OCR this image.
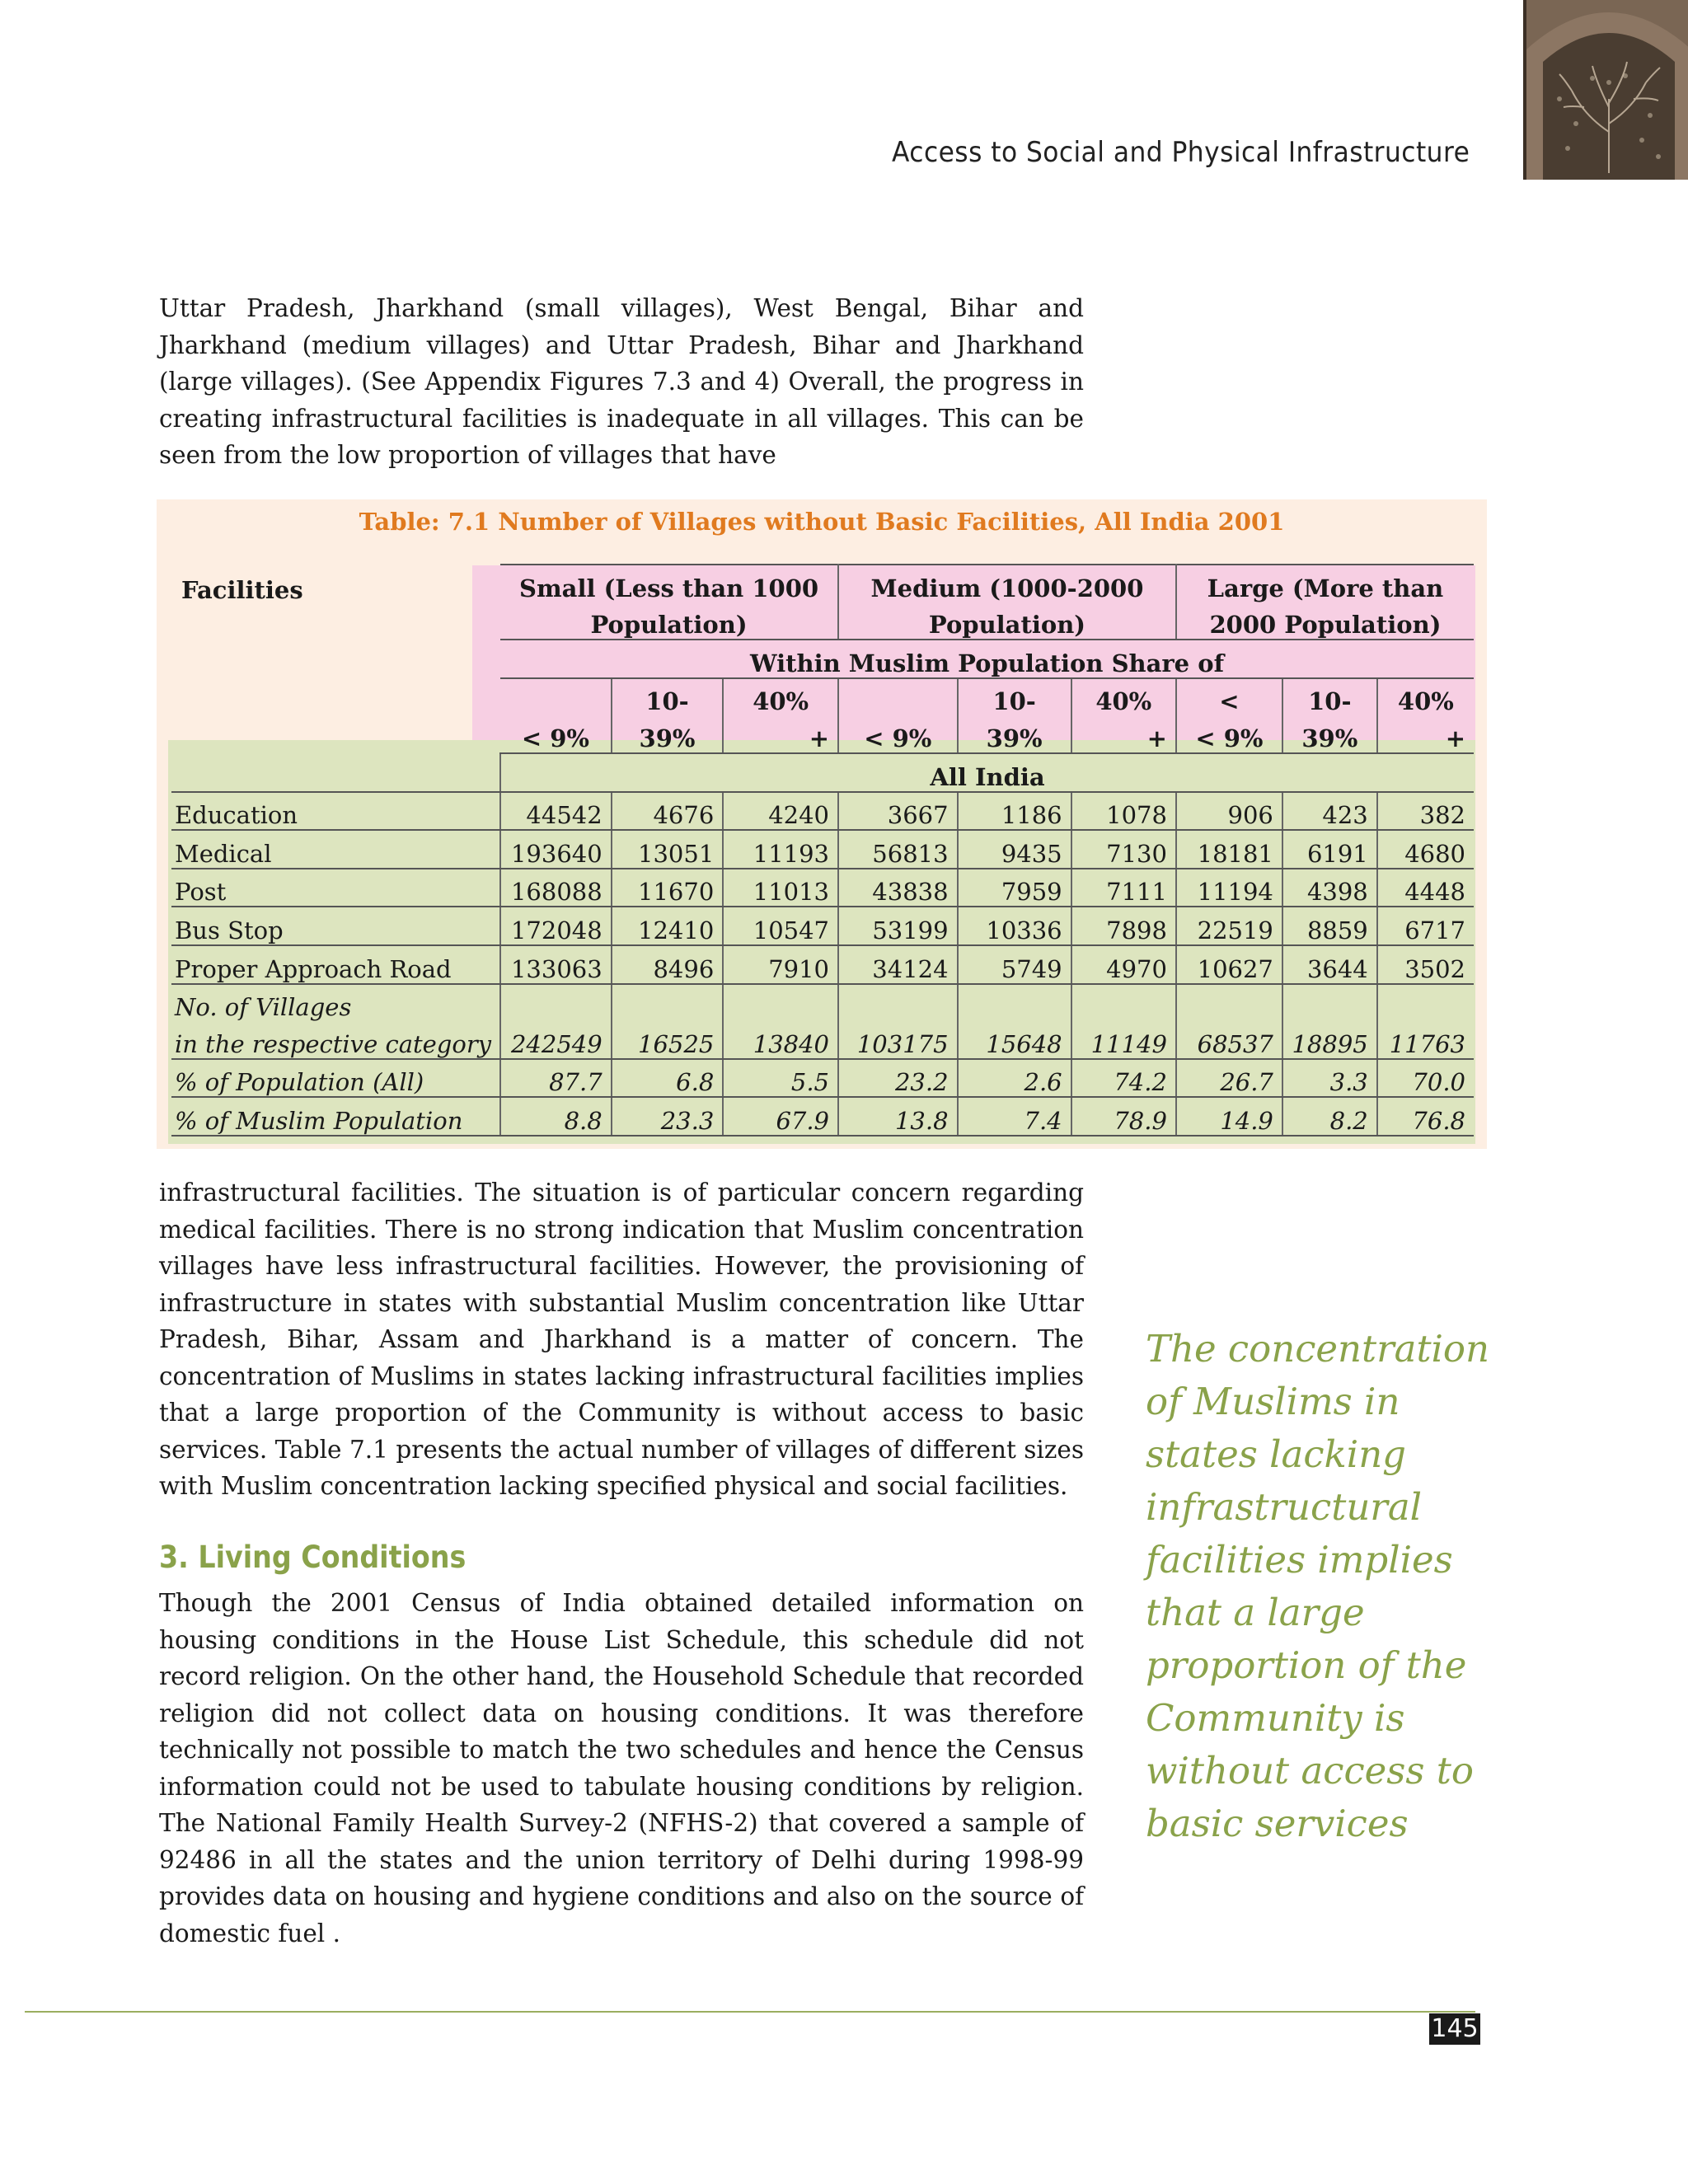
Access to Social and Physical Infrastructure

Uttar Pradesh, Jharkhand (small villages), West Bengal, Bihar and Jharkhand (medium villages) and Uttar Pradesh, Bihar and Jharkhand (large villages). (See Appendix Figures 7.3 and 4) Overall, the progress in creating infrastructural facilities is inadequate in all villages. This can be seen from the low proportion of villages that have

Table: 7.1 Number of Villages without Basic Facilities, All India 2001
Facilities	Small (Less than 1000			Medium (1000-2000			Large (More than		
	Population)			Population)			2000 Population)		
	Within Muslim Population Share of								
		10-	40%		10-	40%	<	10-	40%
	< 9%	39%	+	< 9%	39%	+	< 9%	39%	+
	All India								
Education	44542	4676	4240	3667	1186	1078	906	423	382
Medical	193640	13051	11193	56813	9435	7130	18181	6191	4680
Post	168088	11670	11013	43838	7959	7111	11194	4398	4448
Bus Stop	172048	12410	10547	53199	10336	7898	22519	8859	6717
Proper Approach Road	133063	8496	7910	34124	5749	4970	10627	3644	3502
No. of Villages									
in the respective category	242549	16525	13840	103175	15648	11149	68537	18895	11763
% of Population (All)	87.7	6.8	5.5	23.2	2.6	74.2	26.7	3.3	70.0
% of Muslim Population	8.8	23.3	67.9	13.8	7.4	78.9	14.9	8.2	76.8

infrastructural facilities. The situation is of particular concern regarding medical facilities. There is no strong indication that Muslim concentration villages have less infrastructural facilities. However, the provisioning of infrastructure in states with substantial Muslim concentration like Uttar Pradesh, Bihar, Assam and Jharkhand is a matter of concern. The concentration of Muslims in states lacking infrastructural facilities implies that a large proportion of the Community is without access to basic services. Table 7.1 presents the actual number of villages of different sizes with Muslim concentration lacking specified physical and social facilities.

3. Living Conditions

Though the 2001 Census of India obtained detailed information on housing conditions in the House List Schedule, this schedule did not record religion. On the other hand, the Household Schedule that recorded religion did not collect data on housing conditions. It was therefore technically not possible to match the two schedules and hence the Census information could not be used to tabulate housing conditions by religion. The National Family Health Survey-2 (NFHS-2) that covered a sample of 92486 in all the states and the union territory of Delhi during 1998-99 provides data on housing and hygiene conditions and also on the source of domestic fuel .

The concentration of Muslims in states lacking infrastructural facilities implies that a large proportion of the Community is without access to basic services
145
